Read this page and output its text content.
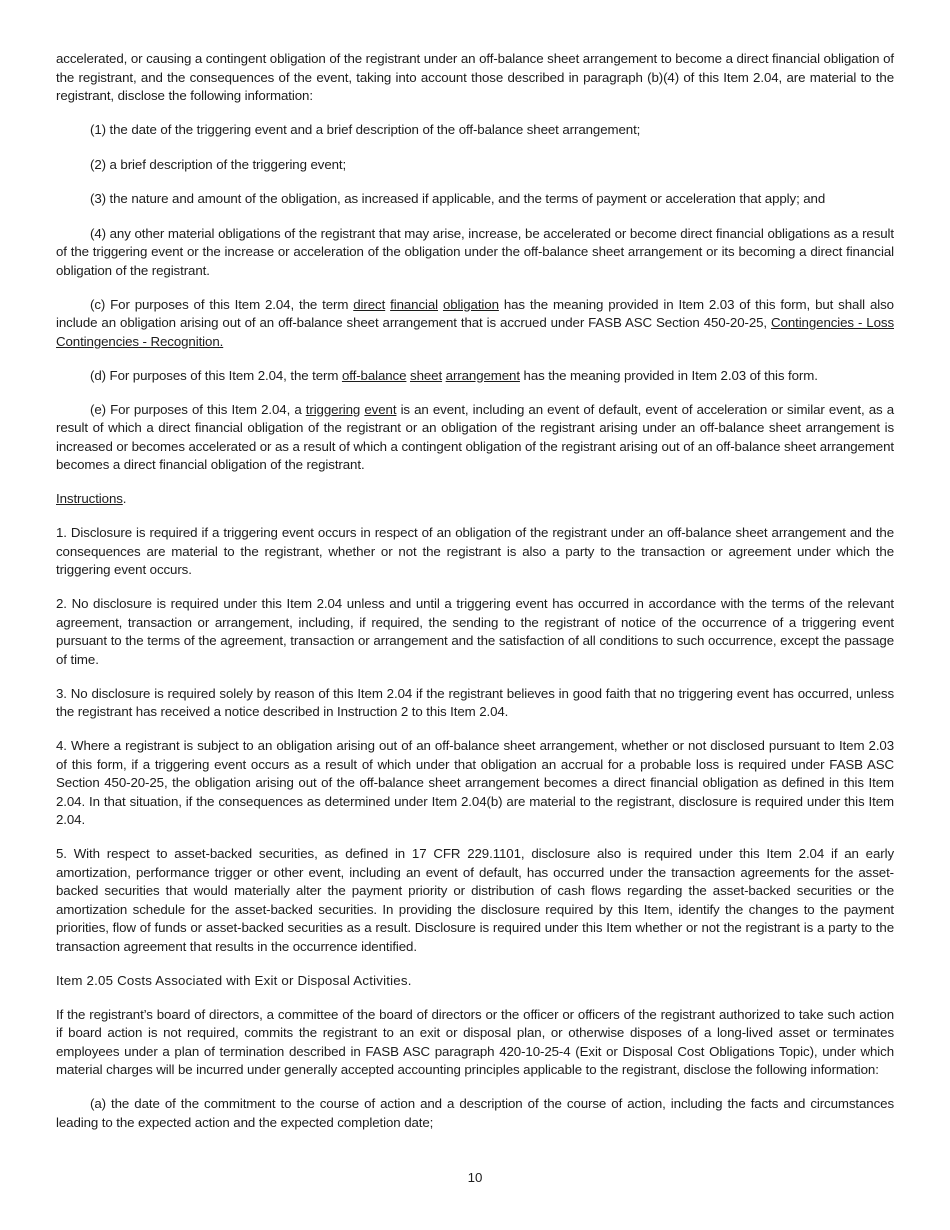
accelerated, or causing a contingent obligation of the registrant under an off-balance sheet arrangement to become a direct financial obligation of the registrant, and the consequences of the event, taking into account those described in paragraph (b)(4) of this Item 2.04, are material to the registrant, disclose the following information:

(1) the date of the triggering event and a brief description of the off-balance sheet arrangement;

(2) a brief description of the triggering event;

(3) the nature and amount of the obligation, as increased if applicable, and the terms of payment or acceleration that apply; and

(4) any other material obligations of the registrant that may arise, increase, be accelerated or become direct financial obligations as a result of the triggering event or the increase or acceleration of the obligation under the off-balance sheet arrangement or its becoming a direct financial obligation of the registrant.

(c) For purposes of this Item 2.04, the term direct financial obligation has the meaning provided in Item 2.03 of this form, but shall also include an obligation arising out of an off-balance sheet arrangement that is accrued under FASB ASC Section 450-20-25, Contingencies - Loss Contingencies - Recognition.

(d) For purposes of this Item 2.04, the term off-balance sheet arrangement has the meaning provided in Item 2.03 of this form.

(e) For purposes of this Item 2.04, a triggering event is an event, including an event of default, event of acceleration or similar event, as a result of which a direct financial obligation of the registrant or an obligation of the registrant arising under an off-balance sheet arrangement is increased or becomes accelerated or as a result of which a contingent obligation of the registrant arising out of an off-balance sheet arrangement becomes a direct financial obligation of the registrant.

Instructions.

1. Disclosure is required if a triggering event occurs in respect of an obligation of the registrant under an off-balance sheet arrangement and the consequences are material to the registrant, whether or not the registrant is also a party to the transaction or agreement under which the triggering event occurs.

2. No disclosure is required under this Item 2.04 unless and until a triggering event has occurred in accordance with the terms of the relevant agreement, transaction or arrangement, including, if required, the sending to the registrant of notice of the occurrence of a triggering event pursuant to the terms of the agreement, transaction or arrangement and the satisfaction of all conditions to such occurrence, except the passage of time.

3. No disclosure is required solely by reason of this Item 2.04 if the registrant believes in good faith that no triggering event has occurred, unless the registrant has received a notice described in Instruction 2 to this Item 2.04.

4. Where a registrant is subject to an obligation arising out of an off-balance sheet arrangement, whether or not disclosed pursuant to Item 2.03 of this form, if a triggering event occurs as a result of which under that obligation an accrual for a probable loss is required under FASB ASC Section 450-20-25, the obligation arising out of the off-balance sheet arrangement becomes a direct financial obligation as defined in this Item 2.04. In that situation, if the consequences as determined under Item 2.04(b) are material to the registrant, disclosure is required under this Item 2.04.

5. With respect to asset-backed securities, as defined in 17 CFR 229.1101, disclosure also is required under this Item 2.04 if an early amortization, performance trigger or other event, including an event of default, has occurred under the transaction agreements for the asset-backed securities that would materially alter the payment priority or distribution of cash flows regarding the asset-backed securities or the amortization schedule for the asset-backed securities. In providing the disclosure required by this Item, identify the changes to the payment priorities, flow of funds or asset-backed securities as a result. Disclosure is required under this Item whether or not the registrant is a party to the transaction agreement that results in the occurrence identified.

Item 2.05 Costs Associated with Exit or Disposal Activities.

If the registrant’s board of directors, a committee of the board of directors or the officer or officers of the registrant authorized to take such action if board action is not required, commits the registrant to an exit or disposal plan, or otherwise disposes of a long-lived asset or terminates employees under a plan of termination described in FASB ASC paragraph 420-10-25-4 (Exit or Disposal Cost Obligations Topic), under which material charges will be incurred under generally accepted accounting principles applicable to the registrant, disclose the following information:

(a) the date of the commitment to the course of action and a description of the course of action, including the facts and circumstances leading to the expected action and the expected completion date;

10
